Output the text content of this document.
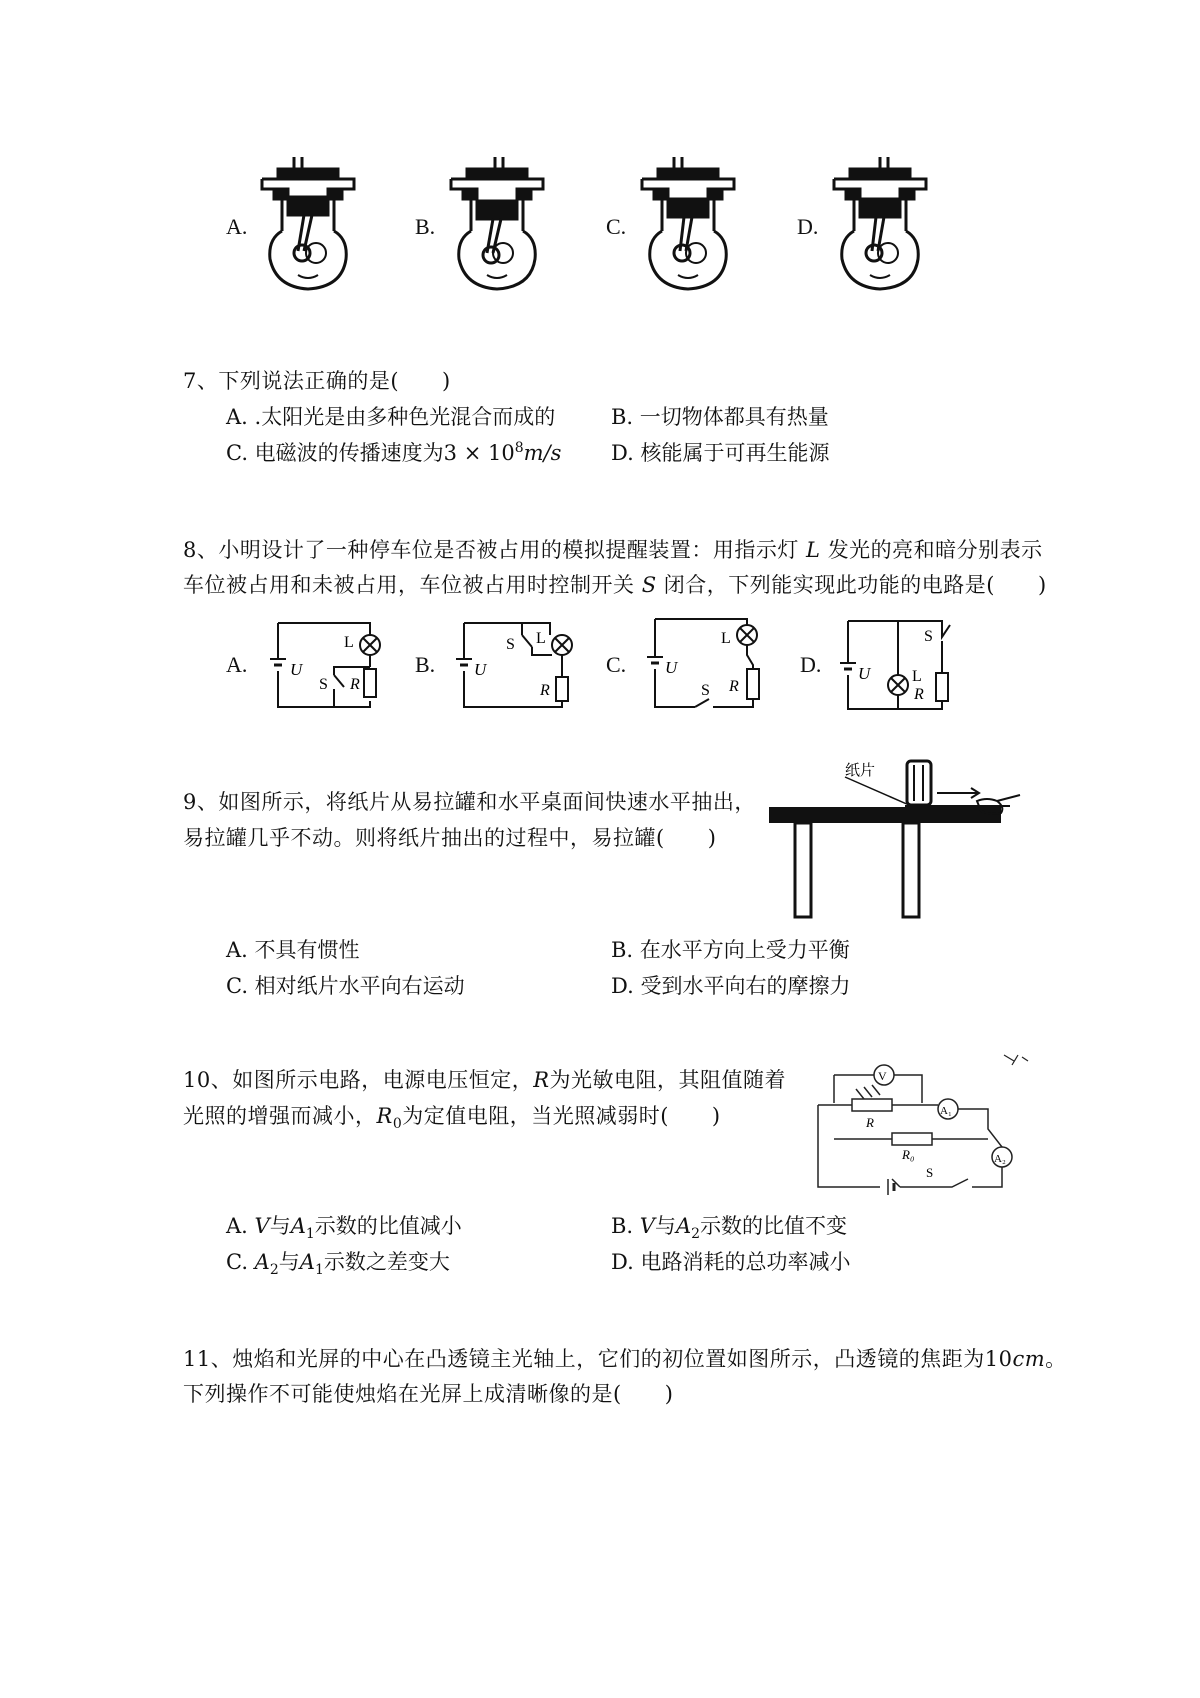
A.	B.	C.	D.
7、下列说法正确的是(　　)
A. .太阳光是由多种色光混合而成的	B. 一切物体都具有热量
C. 电磁波的传播速度为$3 \times 10^8m/s$ D. 核能属于可再生能源
8、小明设计了一种停车位是否被占用的模拟提醒装置：用指示灯 L 发光的亮和暗分别表示
车位被占用和未被占用，车位被占用时控制开关 S 闭合，下列能实现此功能的电路是(　　)
A.	B.	C.	D.
U
L
S R
U
S L
R
U
L
S R
U
S
L
R
9、如图所示，将纸片从易拉罐和水平桌面间快速水平抽出，
易拉罐几乎不动。则将纸片抽出的过程中，易拉罐(　　)
纸片
A. 不具有惯性	B. 在水平方向上受力平衡
C. 相对纸片水平向右运动	D. 受到水平向右的摩擦力
10、如图所示电路，电源电压恒定，R为光敏电阻，其阻值随着
光照的增强而减小，$R_0$为定值电阻，当光照减弱时(　　)
V
R
A₁
R₀
S
A₂
A. V与$A_1$示数的比值减小	B. V与$A_2$示数的比值不变
C. $A_2$与$A_1$示数之差变大	D. 电路消耗的总功率减小
11、烛焰和光屏的中心在凸透镜主光轴上，它们的初位置如图所示，凸透镜的焦距为10cm。
下列操作不可能使烛焰在光屏上成清晰像的是(　　)
